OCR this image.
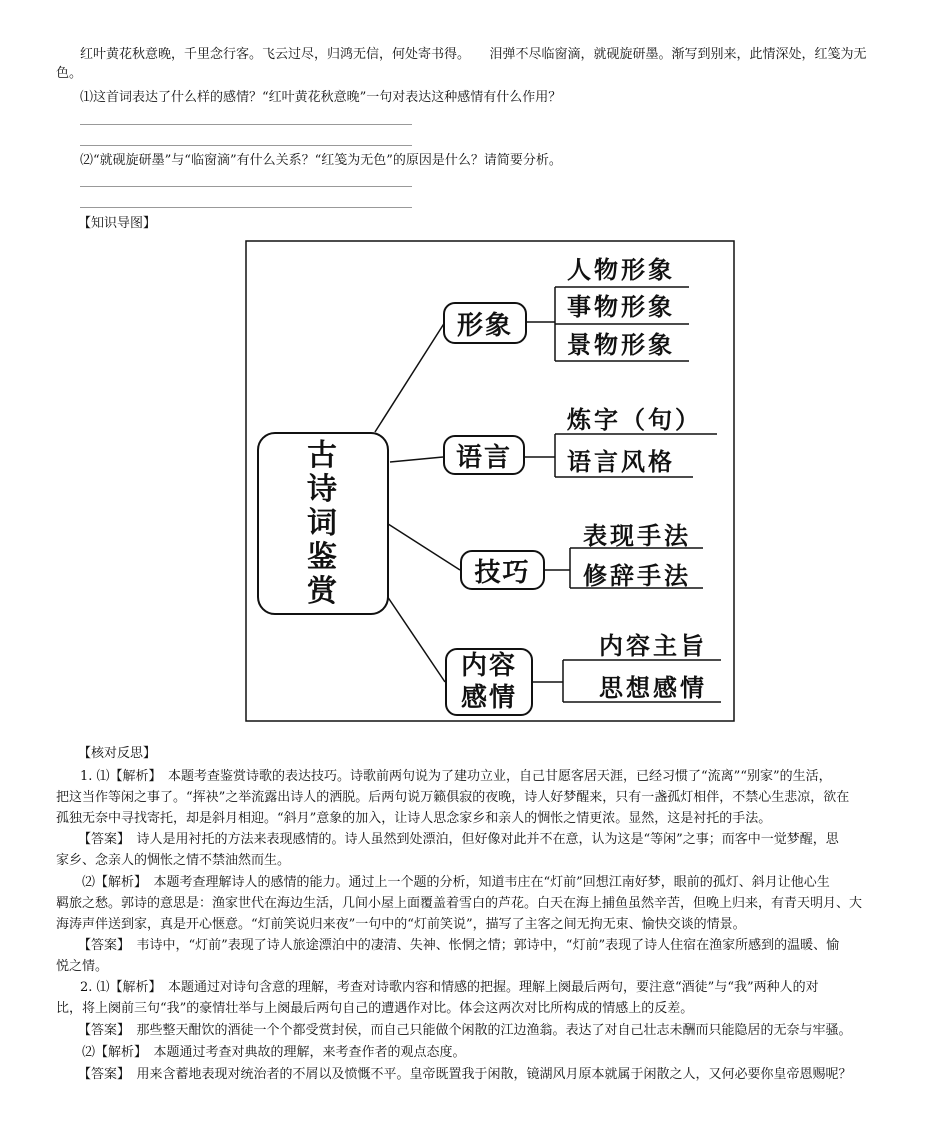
红叶黄花秋意晚，千里念行客。飞云过尽，归鸿无信，何处寄书得。　　泪弹不尽临窗滴，就砚旋研墨。渐写到别来，此情深处，红笺为无

色。

⑴这首词表达了什么样的感情？“红叶黄花秋意晚”一句对表达这种感情有什么作用？

⑵“就砚旋研墨”与“临窗滴”有什么关系？“红笺为无色”的原因是什么？请简要分析。

【知识导图】

古
诗
词
鉴
赏
形象
人物形象
事物形象
景物形象
语言
炼字（句）
语言风格
技巧
表现手法
修辞手法
内容
感情
内容主旨
思想感情

【核对反思】

1. ⑴【解析】　本题考查鉴赏诗歌的表达技巧。诗歌前两句说为了建功立业，自己甘愿客居天涯，已经习惯了“流离”“别家”的生活，

把这当作等闲之事了。“挥袂”之举流露出诗人的洒脱。后两句说万籁俱寂的夜晚，诗人好梦醒来，只有一盏孤灯相伴，不禁心生悲凉，欲在

孤独无奈中寻找寄托，却是斜月相迎。“斜月”意象的加入，让诗人思念家乡和亲人的惆怅之情更浓。显然，这是衬托的手法。

【答案】　诗人是用衬托的方法来表现感情的。诗人虽然到处漂泊，但好像对此并不在意，认为这是“等闲”之事；而客中一觉梦醒，思

家乡、念亲人的惆怅之情不禁油然而生。

⑵【解析】　本题考查理解诗人的感情的能力。通过上一个题的分析，知道韦庄在“灯前”回想江南好梦，眼前的孤灯、斜月让他心生

羁旅之愁。郭诗的意思是：渔家世代在海边生活，几间小屋上面覆盖着雪白的芦花。白天在海上捕鱼虽然辛苦，但晚上归来，有青天明月、大

海涛声伴送到家，真是开心惬意。“灯前笑说归来夜”一句中的“灯前笑说”，描写了主客之间无拘无束、愉快交谈的情景。

【答案】　韦诗中，“灯前”表现了诗人旅途漂泊中的凄清、失神、怅惘之情；郭诗中，“灯前”表现了诗人住宿在渔家所感到的温暖、愉

悦之情。

2. ⑴【解析】　本题通过对诗句含意的理解，考查对诗歌内容和情感的把握。理解上阕最后两句，要注意“酒徒”与“我”两种人的对

比，将上阕前三句“我”的豪情壮举与上阕最后两句自己的遭遇作对比。体会这两次对比所构成的情感上的反差。

【答案】　那些整天酣饮的酒徒一个个都受赏封侯，而自己只能做个闲散的江边渔翁。表达了对自己壮志未酬而只能隐居的无奈与牢骚。

⑵【解析】　本题通过考查对典故的理解，来考查作者的观点态度。

【答案】　用来含蓄地表现对统治者的不屑以及愤慨不平。皇帝既置我于闲散，镜湖风月原本就属于闲散之人，又何必要你皇帝恩赐呢？
